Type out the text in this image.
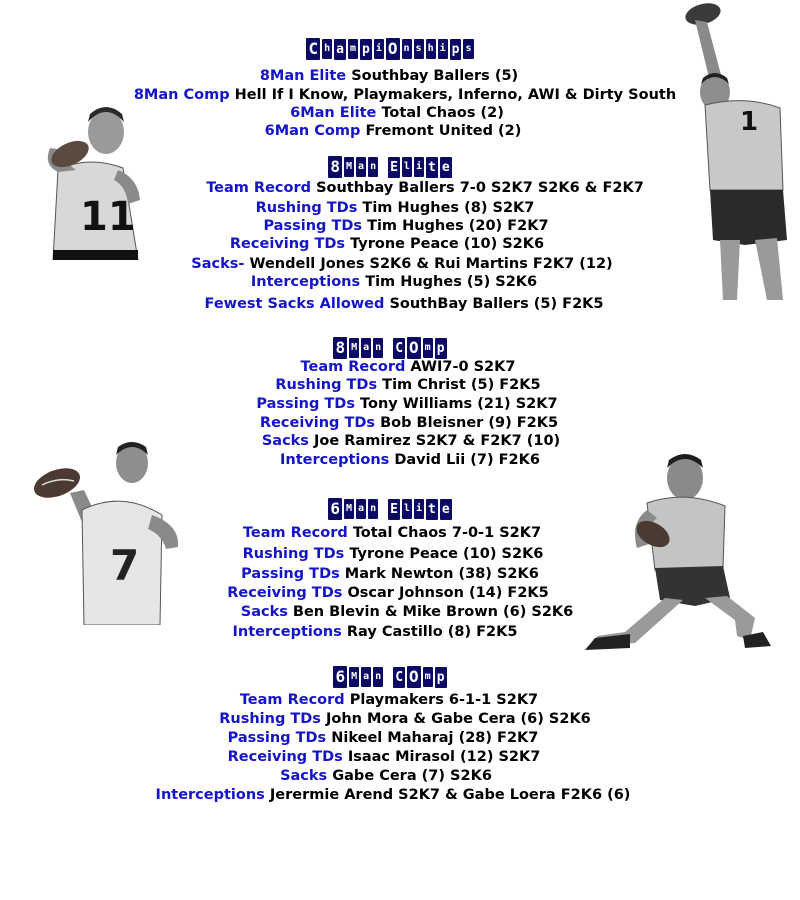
11
1
7
C h a m p i O n s h i p s
8Man Elite Southbay Ballers (5)
8Man Comp Hell If I Know, Playmakers, Inferno, AWI & Dirty South
6Man Elite Total Chaos (2)
6Man Comp Fremont United (2)
8 M a n E l i t e
Team Record Southbay Ballers 7-0 S2K7 S2K6 & F2K7
Rushing TDs Tim Hughes (8) S2K7
Passing TDs Tim Hughes (20) F2K7
Receiving TDs Tyrone Peace (10) S2K6
Sacks- Wendell Jones S2K6 & Rui Martins F2K7 (12)
Interceptions Tim Hughes (5) S2K6
Fewest Sacks Allowed SouthBay Ballers (5) F2K5
8 M a n C O m p
Team Record AWI7-0 S2K7
Rushing TDs Tim Christ (5) F2K5
Passing TDs Tony Williams (21) S2K7
Receiving TDs Bob Bleisner (9) F2K5
Sacks Joe Ramirez S2K7 & F2K7 (10)
Interceptions David Lii (7) F2K6
6 M a n E l i t e
Team Record Total Chaos 7-0-1 S2K7
Rushing TDs Tyrone Peace (10) S2K6
Passing TDs Mark Newton (38) S2K6
Receiving TDs Oscar Johnson (14) F2K5
Sacks Ben Blevin & Mike Brown (6) S2K6
Interceptions Ray Castillo (8) F2K5
6 M a n C O m p
Team Record Playmakers 6-1-1 S2K7
Rushing TDs John Mora & Gabe Cera (6) S2K6
Passing TDs Nikeel Maharaj (28) F2K7
Receiving TDs Isaac Mirasol (12) S2K7
Sacks Gabe Cera (7) S2K6
Interceptions Jerermie Arend S2K7 & Gabe Loera F2K6 (6)
